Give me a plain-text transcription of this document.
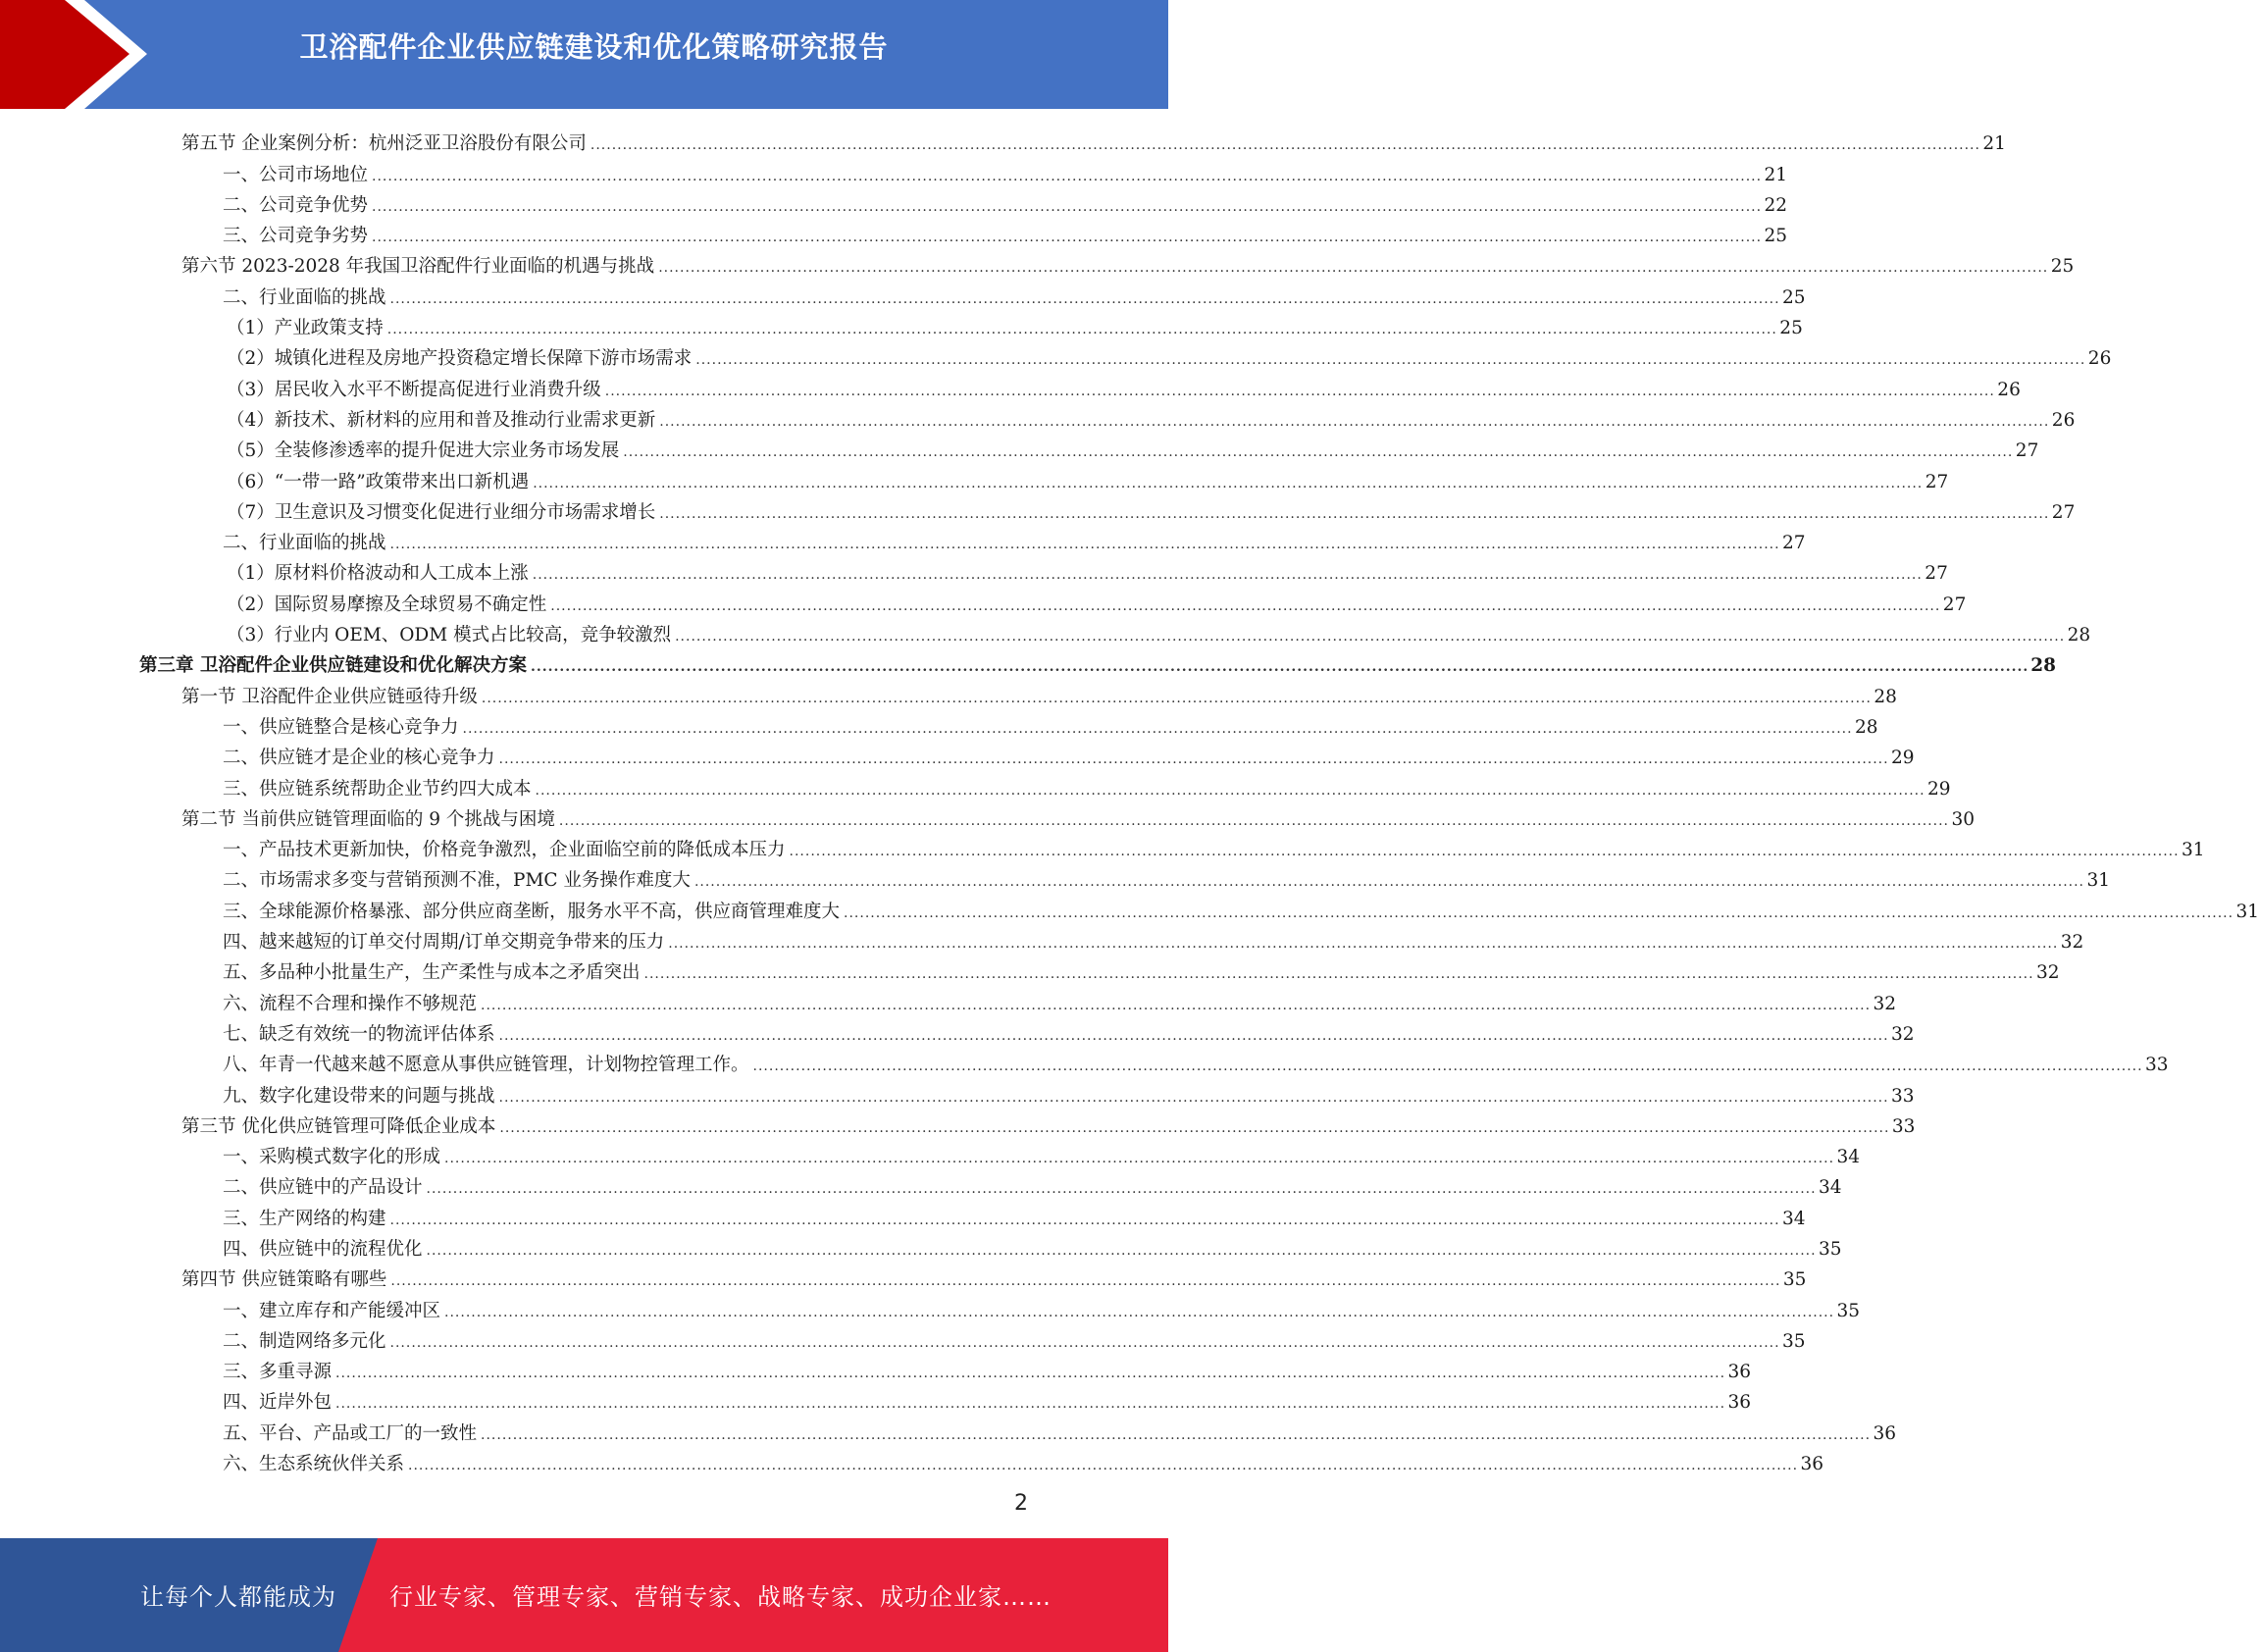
卫浴配件企业供应链建设和优化策略研究报告
第五节 企业案例分析：杭州泛亚卫浴股份有限公司 .................................................................................................................................................................................................................................................................... 21
一、公司市场地位 .................................................................................................................................................................................................................................................................... 21
二、公司竞争优势 .................................................................................................................................................................................................................................................................... 22
三、公司竞争劣势 .................................................................................................................................................................................................................................................................... 25
第六节 2023-2028 年我国卫浴配件行业面临的机遇与挑战 .................................................................................................................................................................................................................................................................... 25
二、行业面临的挑战 .................................................................................................................................................................................................................................................................... 25
（1）产业政策支持 .................................................................................................................................................................................................................................................................... 25
（2）城镇化进程及房地产投资稳定增长保障下游市场需求 .................................................................................................................................................................................................................................................................... 26
（3）居民收入水平不断提高促进行业消费升级 .................................................................................................................................................................................................................................................................... 26
（4）新技术、新材料的应用和普及推动行业需求更新 .................................................................................................................................................................................................................................................................... 26
（5）全装修渗透率的提升促进大宗业务市场发展 .................................................................................................................................................................................................................................................................... 27
（6）“一带一路”政策带来出口新机遇 .................................................................................................................................................................................................................................................................... 27
（7）卫生意识及习惯变化促进行业细分市场需求增长 .................................................................................................................................................................................................................................................................... 27
二、行业面临的挑战 .................................................................................................................................................................................................................................................................... 27
（1）原材料价格波动和人工成本上涨 .................................................................................................................................................................................................................................................................... 27
（2）国际贸易摩擦及全球贸易不确定性 .................................................................................................................................................................................................................................................................... 27
（3）行业内 OEM、ODM 模式占比较高，竞争较激烈 .................................................................................................................................................................................................................................................................... 28
第三章 卫浴配件企业供应链建设和优化解决方案 .................................................................................................................................................................................................................................................................... 28
第一节 卫浴配件企业供应链亟待升级 .................................................................................................................................................................................................................................................................... 28
一、供应链整合是核心竞争力 .................................................................................................................................................................................................................................................................... 28
二、供应链才是企业的核心竞争力 .................................................................................................................................................................................................................................................................... 29
三、供应链系统帮助企业节约四大成本 .................................................................................................................................................................................................................................................................... 29
第二节 当前供应链管理面临的 9 个挑战与困境 .................................................................................................................................................................................................................................................................... 30
一、产品技术更新加快，价格竞争激烈，企业面临空前的降低成本压力 .................................................................................................................................................................................................................................................................... 31
二、市场需求多变与营销预测不准，PMC 业务操作难度大 .................................................................................................................................................................................................................................................................... 31
三、全球能源价格暴涨、部分供应商垄断，服务水平不高，供应商管理难度大 .................................................................................................................................................................................................................................................................... 31
四、越来越短的订单交付周期/订单交期竞争带来的压力 .................................................................................................................................................................................................................................................................... 32
五、多品种小批量生产，生产柔性与成本之矛盾突出 .................................................................................................................................................................................................................................................................... 32
六、流程不合理和操作不够规范 .................................................................................................................................................................................................................................................................... 32
七、缺乏有效统一的物流评估体系 .................................................................................................................................................................................................................................................................... 32
八、年青一代越来越不愿意从事供应链管理，计划物控管理工作。 .................................................................................................................................................................................................................................................................... 33
九、数字化建设带来的问题与挑战 .................................................................................................................................................................................................................................................................... 33
第三节 优化供应链管理可降低企业成本 .................................................................................................................................................................................................................................................................... 33
一、采购模式数字化的形成 .................................................................................................................................................................................................................................................................... 34
二、供应链中的产品设计 .................................................................................................................................................................................................................................................................... 34
三、生产网络的构建 .................................................................................................................................................................................................................................................................... 34
四、供应链中的流程优化 .................................................................................................................................................................................................................................................................... 35
第四节 供应链策略有哪些 .................................................................................................................................................................................................................................................................... 35
一、建立库存和产能缓冲区 .................................................................................................................................................................................................................................................................... 35
二、制造网络多元化 .................................................................................................................................................................................................................................................................... 35
三、多重寻源 .................................................................................................................................................................................................................................................................... 36
四、近岸外包 .................................................................................................................................................................................................................................................................... 36
五、平台、产品或工厂的一致性 .................................................................................................................................................................................................................................................................... 36
六、生态系统伙伴关系 .................................................................................................................................................................................................................................................................... 36
2
让每个人都能成为 行业专家、管理专家、营销专家、战略专家、成功企业家……
